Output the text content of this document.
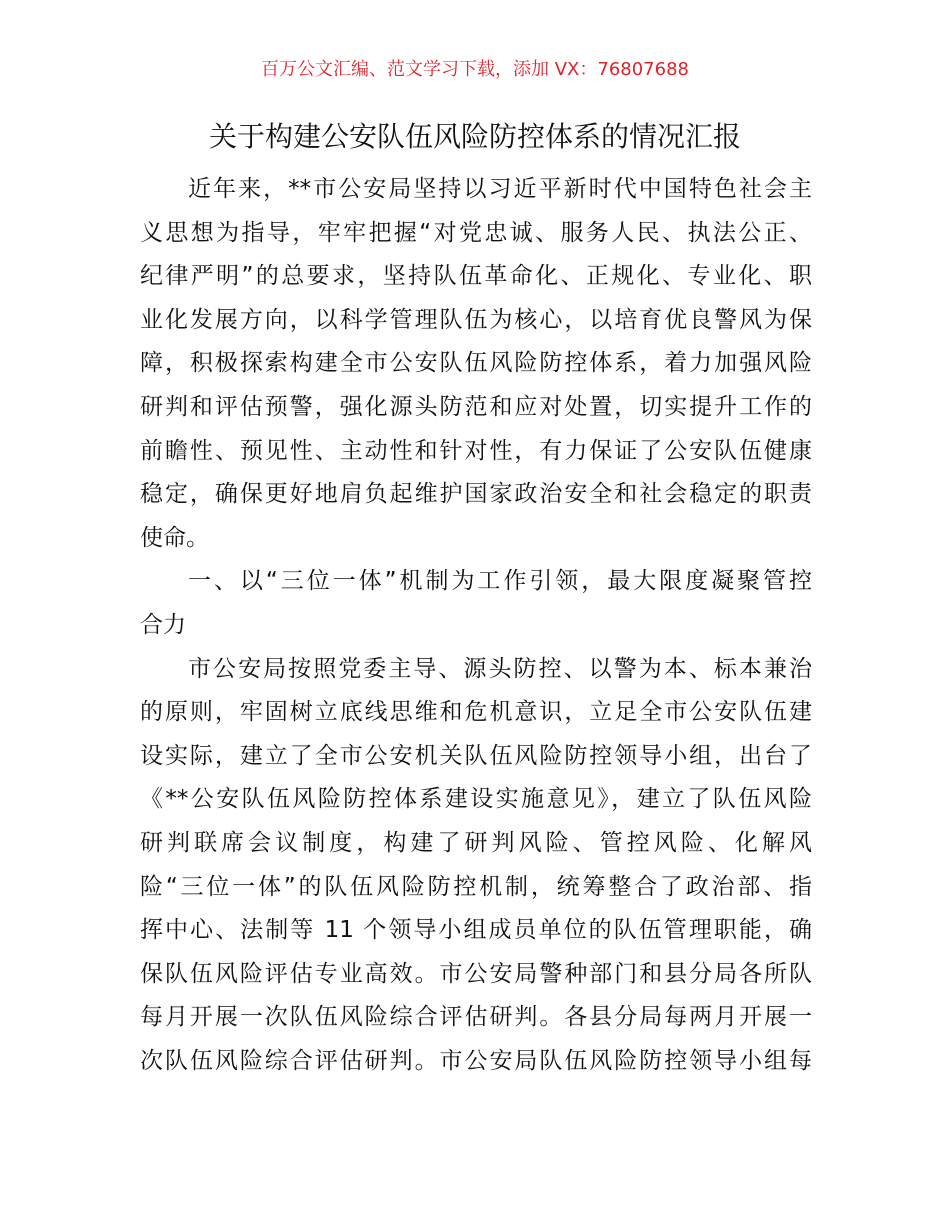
百万公文汇编、范文学习下载，添加 VX：76807688
关于构建公安队伍风险防控体系的情况汇报
近年来，**市公安局坚持以习近平新时代中国特色社会主
义思想为指导，牢牢把握“对党忠诚、服务人民、执法公正、
纪律严明”的总要求，坚持队伍革命化、正规化、专业化、职
业化发展方向，以科学管理队伍为核心，以培育优良警风为保
障，积极探索构建全市公安队伍风险防控体系，着力加强风险
研判和评估预警，强化源头防范和应对处置，切实提升工作的
前瞻性、预见性、主动性和针对性，有力保证了公安队伍健康
稳定，确保更好地肩负起维护国家政治安全和社会稳定的职责
使命。
一、以“三位一体”机制为工作引领，最大限度凝聚管控
合力
市公安局按照党委主导、源头防控、以警为本、标本兼治
的原则，牢固树立底线思维和危机意识，立足全市公安队伍建
设实际，建立了全市公安机关队伍风险防控领导小组，出台了
《**公安队伍风险防控体系建设实施意见》，建立了队伍风险
研判联席会议制度，构建了研判风险、管控风险、化解风
险“三位一体”的队伍风险防控机制，统筹整合了政治部、指
挥中心、法制等 11 个领导小组成员单位的队伍管理职能，确
保队伍风险评估专业高效。市公安局警种部门和县分局各所队
每月开展一次队伍风险综合评估研判。各县分局每两月开展一
次队伍风险综合评估研判。市公安局队伍风险防控领导小组每
